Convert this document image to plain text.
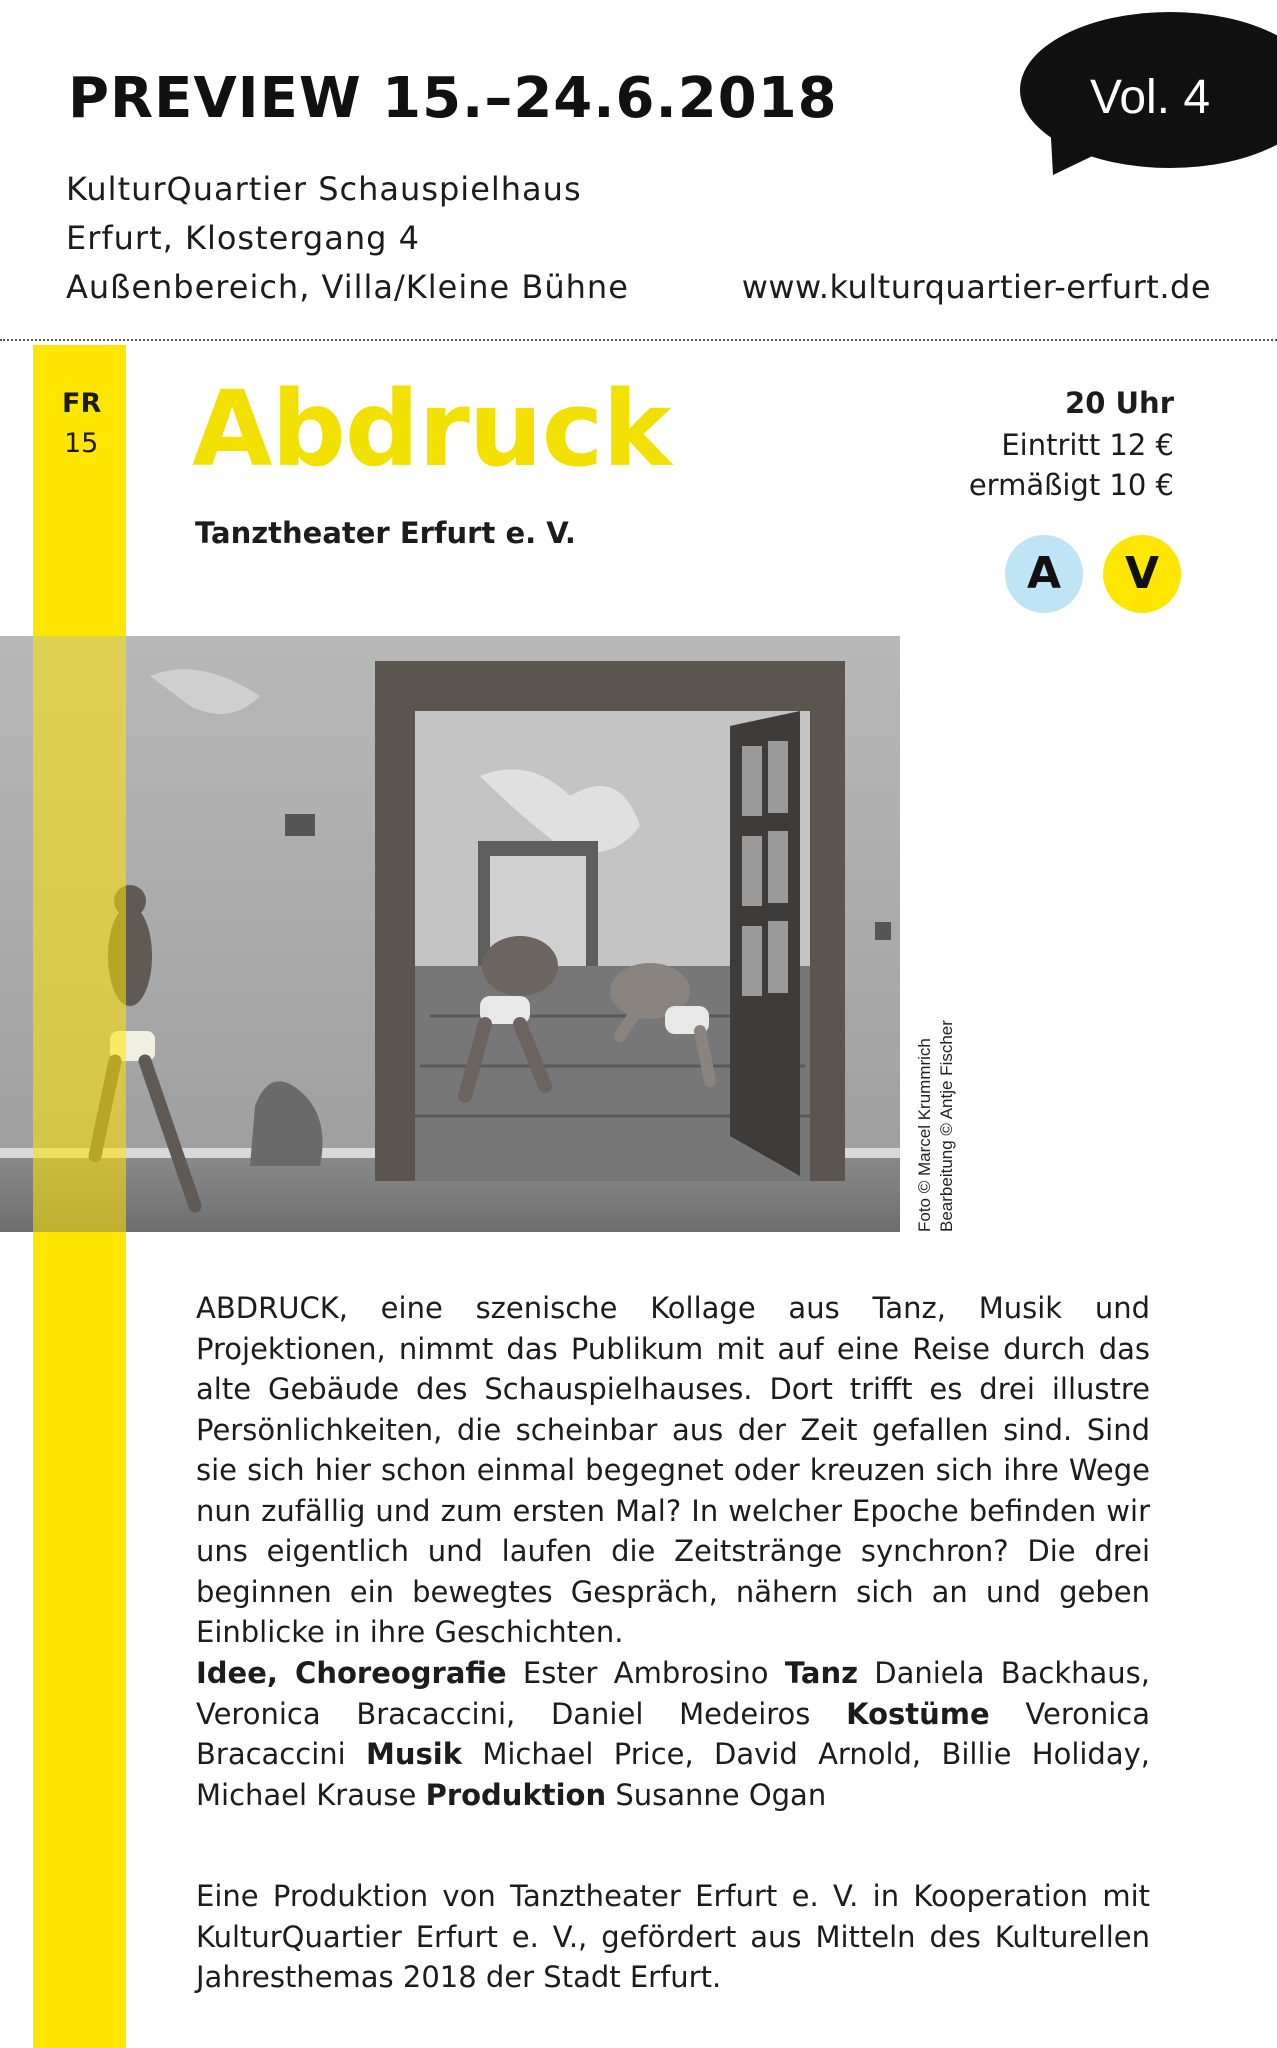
PREVIEW 15.–24.6.2018	Vol. 4
KulturQuartier Schauspielhaus
Erfurt, Klostergang 4
Außenbereich, Villa/Kleine Bühne	www.kulturquartier-erfurt.de
FR
15 Abdruck
Tanztheater Erfurt e. V.
20 Uhr
Eintritt 12 €
ermäßigt 10 €
A	V
Foto © Marcel Krummrich Bearbeitung © Antje Fischer
ABDRUCK, eine szenische Kollage aus Tanz, Musik und Projektionen, nimmt das Publikum mit auf eine Reise durch das alte Gebäude des Schauspielhauses. Dort trifft es drei illustre Persönlichkeiten, die scheinbar aus der Zeit gefallen sind. Sind sie sich hier schon einmal begegnet oder kreuzen sich ihre Wege nun zufällig und zum ersten Mal? In welcher Epoche befinden wir uns eigentlich und laufen die Zeitstränge synchron? Die drei beginnen ein bewegtes Gespräch, nähern sich an und geben Einblicke in ihre Geschichten.
Idee, Choreografie Ester Ambrosino Tanz Daniela Backhaus, Veronica Bracaccini, Daniel Medeiros Kostüme Veronica Bracaccini Musik Michael Price, David Arnold, Billie Holiday, Michael Krause Produktion Susanne Ogan
Eine Produktion von Tanztheater Erfurt e. V. in Kooperation mit KulturQuartier Erfurt e. V., gefördert aus Mitteln des Kulturellen Jahresthemas 2018 der Stadt Erfurt.
